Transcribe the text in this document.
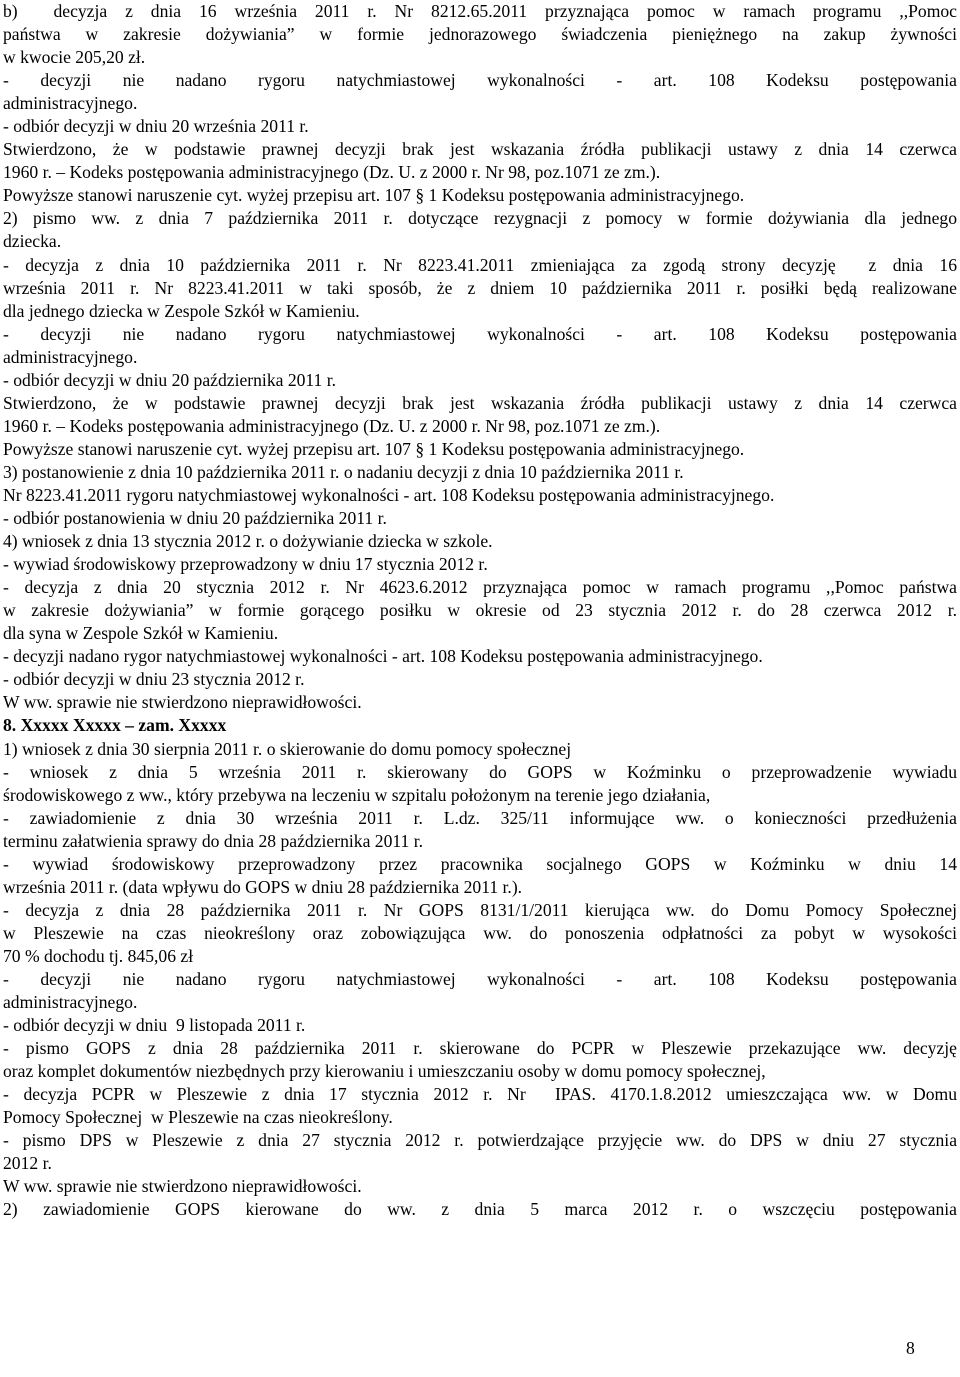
b)  decyzja z dnia 16 września 2011 r. Nr 8212.65.2011 przyznająca pomoc w ramach programu ,,Pomoc
państwa w zakresie dożywiania” w formie jednorazowego świadczenia pieniężnego na zakup żywności
w kwocie 205,20 zł.
- decyzji nie nadano rygoru natychmiastowej wykonalności - art. 108 Kodeksu postępowania
administracyjnego.
- odbiór decyzji w dniu 20 września 2011 r.
Stwierdzono, że w podstawie prawnej decyzji brak jest wskazania źródła publikacji ustawy z dnia 14 czerwca
1960 r. – Kodeks postępowania administracyjnego (Dz. U. z 2000 r. Nr 98, poz.1071 ze zm.).
Powyższe stanowi naruszenie cyt. wyżej przepisu art. 107 § 1 Kodeksu postępowania administracyjnego.
2) pismo ww. z dnia 7 października 2011 r. dotyczące rezygnacji z pomocy w formie dożywiania dla jednego
dziecka.
- decyzja z dnia 10 października 2011 r. Nr 8223.41.2011 zmieniająca za zgodą strony decyzję  z dnia 16
września 2011 r. Nr 8223.41.2011 w taki sposób, że z dniem 10 października 2011 r. posiłki będą realizowane
dla jednego dziecka w Zespole Szkół w Kamieniu.
- decyzji nie nadano rygoru natychmiastowej wykonalności - art. 108 Kodeksu postępowania
administracyjnego.
- odbiór decyzji w dniu 20 października 2011 r.
Stwierdzono, że w podstawie prawnej decyzji brak jest wskazania źródła publikacji ustawy z dnia 14 czerwca
1960 r. – Kodeks postępowania administracyjnego (Dz. U. z 2000 r. Nr 98, poz.1071 ze zm.).
Powyższe stanowi naruszenie cyt. wyżej przepisu art. 107 § 1 Kodeksu postępowania administracyjnego.
3) postanowienie z dnia 10 października 2011 r. o nadaniu decyzji z dnia 10 października 2011 r.
Nr 8223.41.2011 rygoru natychmiastowej wykonalności - art. 108 Kodeksu postępowania administracyjnego.
- odbiór postanowienia w dniu 20 października 2011 r.
4) wniosek z dnia 13 stycznia 2012 r. o dożywianie dziecka w szkole.
- wywiad środowiskowy przeprowadzony w dniu 17 stycznia 2012 r.
- decyzja z dnia 20 stycznia 2012 r. Nr 4623.6.2012 przyznająca pomoc w ramach programu ,,Pomoc państwa
w zakresie dożywiania” w formie gorącego posiłku w okresie od 23 stycznia 2012 r. do 28 czerwca 2012 r.
dla syna w Zespole Szkół w Kamieniu.
- decyzji nadano rygor natychmiastowej wykonalności - art. 108 Kodeksu postępowania administracyjnego.
- odbiór decyzji w dniu 23 stycznia 2012 r.
W ww. sprawie nie stwierdzono nieprawidłowości.
8. Xxxxx Xxxxx – zam. Xxxxx
1) wniosek z dnia 30 sierpnia 2011 r. o skierowanie do domu pomocy społecznej
- wniosek z dnia 5 września 2011 r. skierowany do GOPS w Koźminku o przeprowadzenie wywiadu
środowiskowego z ww., który przebywa na leczeniu w szpitalu położonym na terenie jego działania,
- zawiadomienie z dnia 30 września 2011 r. L.dz. 325/11 informujące ww. o konieczności przedłużenia
terminu załatwienia sprawy do dnia 28 października 2011 r.
- wywiad środowiskowy przeprowadzony przez pracownika socjalnego GOPS w Koźminku w dniu 14
września 2011 r. (data wpływu do GOPS w dniu 28 października 2011 r.).
- decyzja z dnia 28 października 2011 r. Nr GOPS 8131/1/2011 kierująca ww. do Domu Pomocy Społecznej
w Pleszewie na czas nieokreślony oraz zobowiązująca ww. do ponoszenia odpłatności za pobyt w wysokości
70 % dochodu tj. 845,06 zł
- decyzji nie nadano rygoru natychmiastowej wykonalności - art. 108 Kodeksu postępowania
administracyjnego.
- odbiór decyzji w dniu  9 listopada 2011 r.
- pismo GOPS z dnia 28 października 2011 r. skierowane do PCPR w Pleszewie przekazujące ww. decyzję
oraz komplet dokumentów niezbędnych przy kierowaniu i umieszczaniu osoby w domu pomocy społecznej,
- decyzja PCPR w Pleszewie z dnia 17 stycznia 2012 r. Nr  IPAS. 4170.1.8.2012 umieszczająca ww. w Domu
Pomocy Społecznej  w Pleszewie na czas nieokreślony.
- pismo DPS w Pleszewie z dnia 27 stycznia 2012 r. potwierdzające przyjęcie ww. do DPS w dniu 27 stycznia
2012 r.
W ww. sprawie nie stwierdzono nieprawidłowości.
2) zawiadomienie GOPS kierowane do ww. z dnia 5 marca 2012 r. o wszczęciu postępowania
8
